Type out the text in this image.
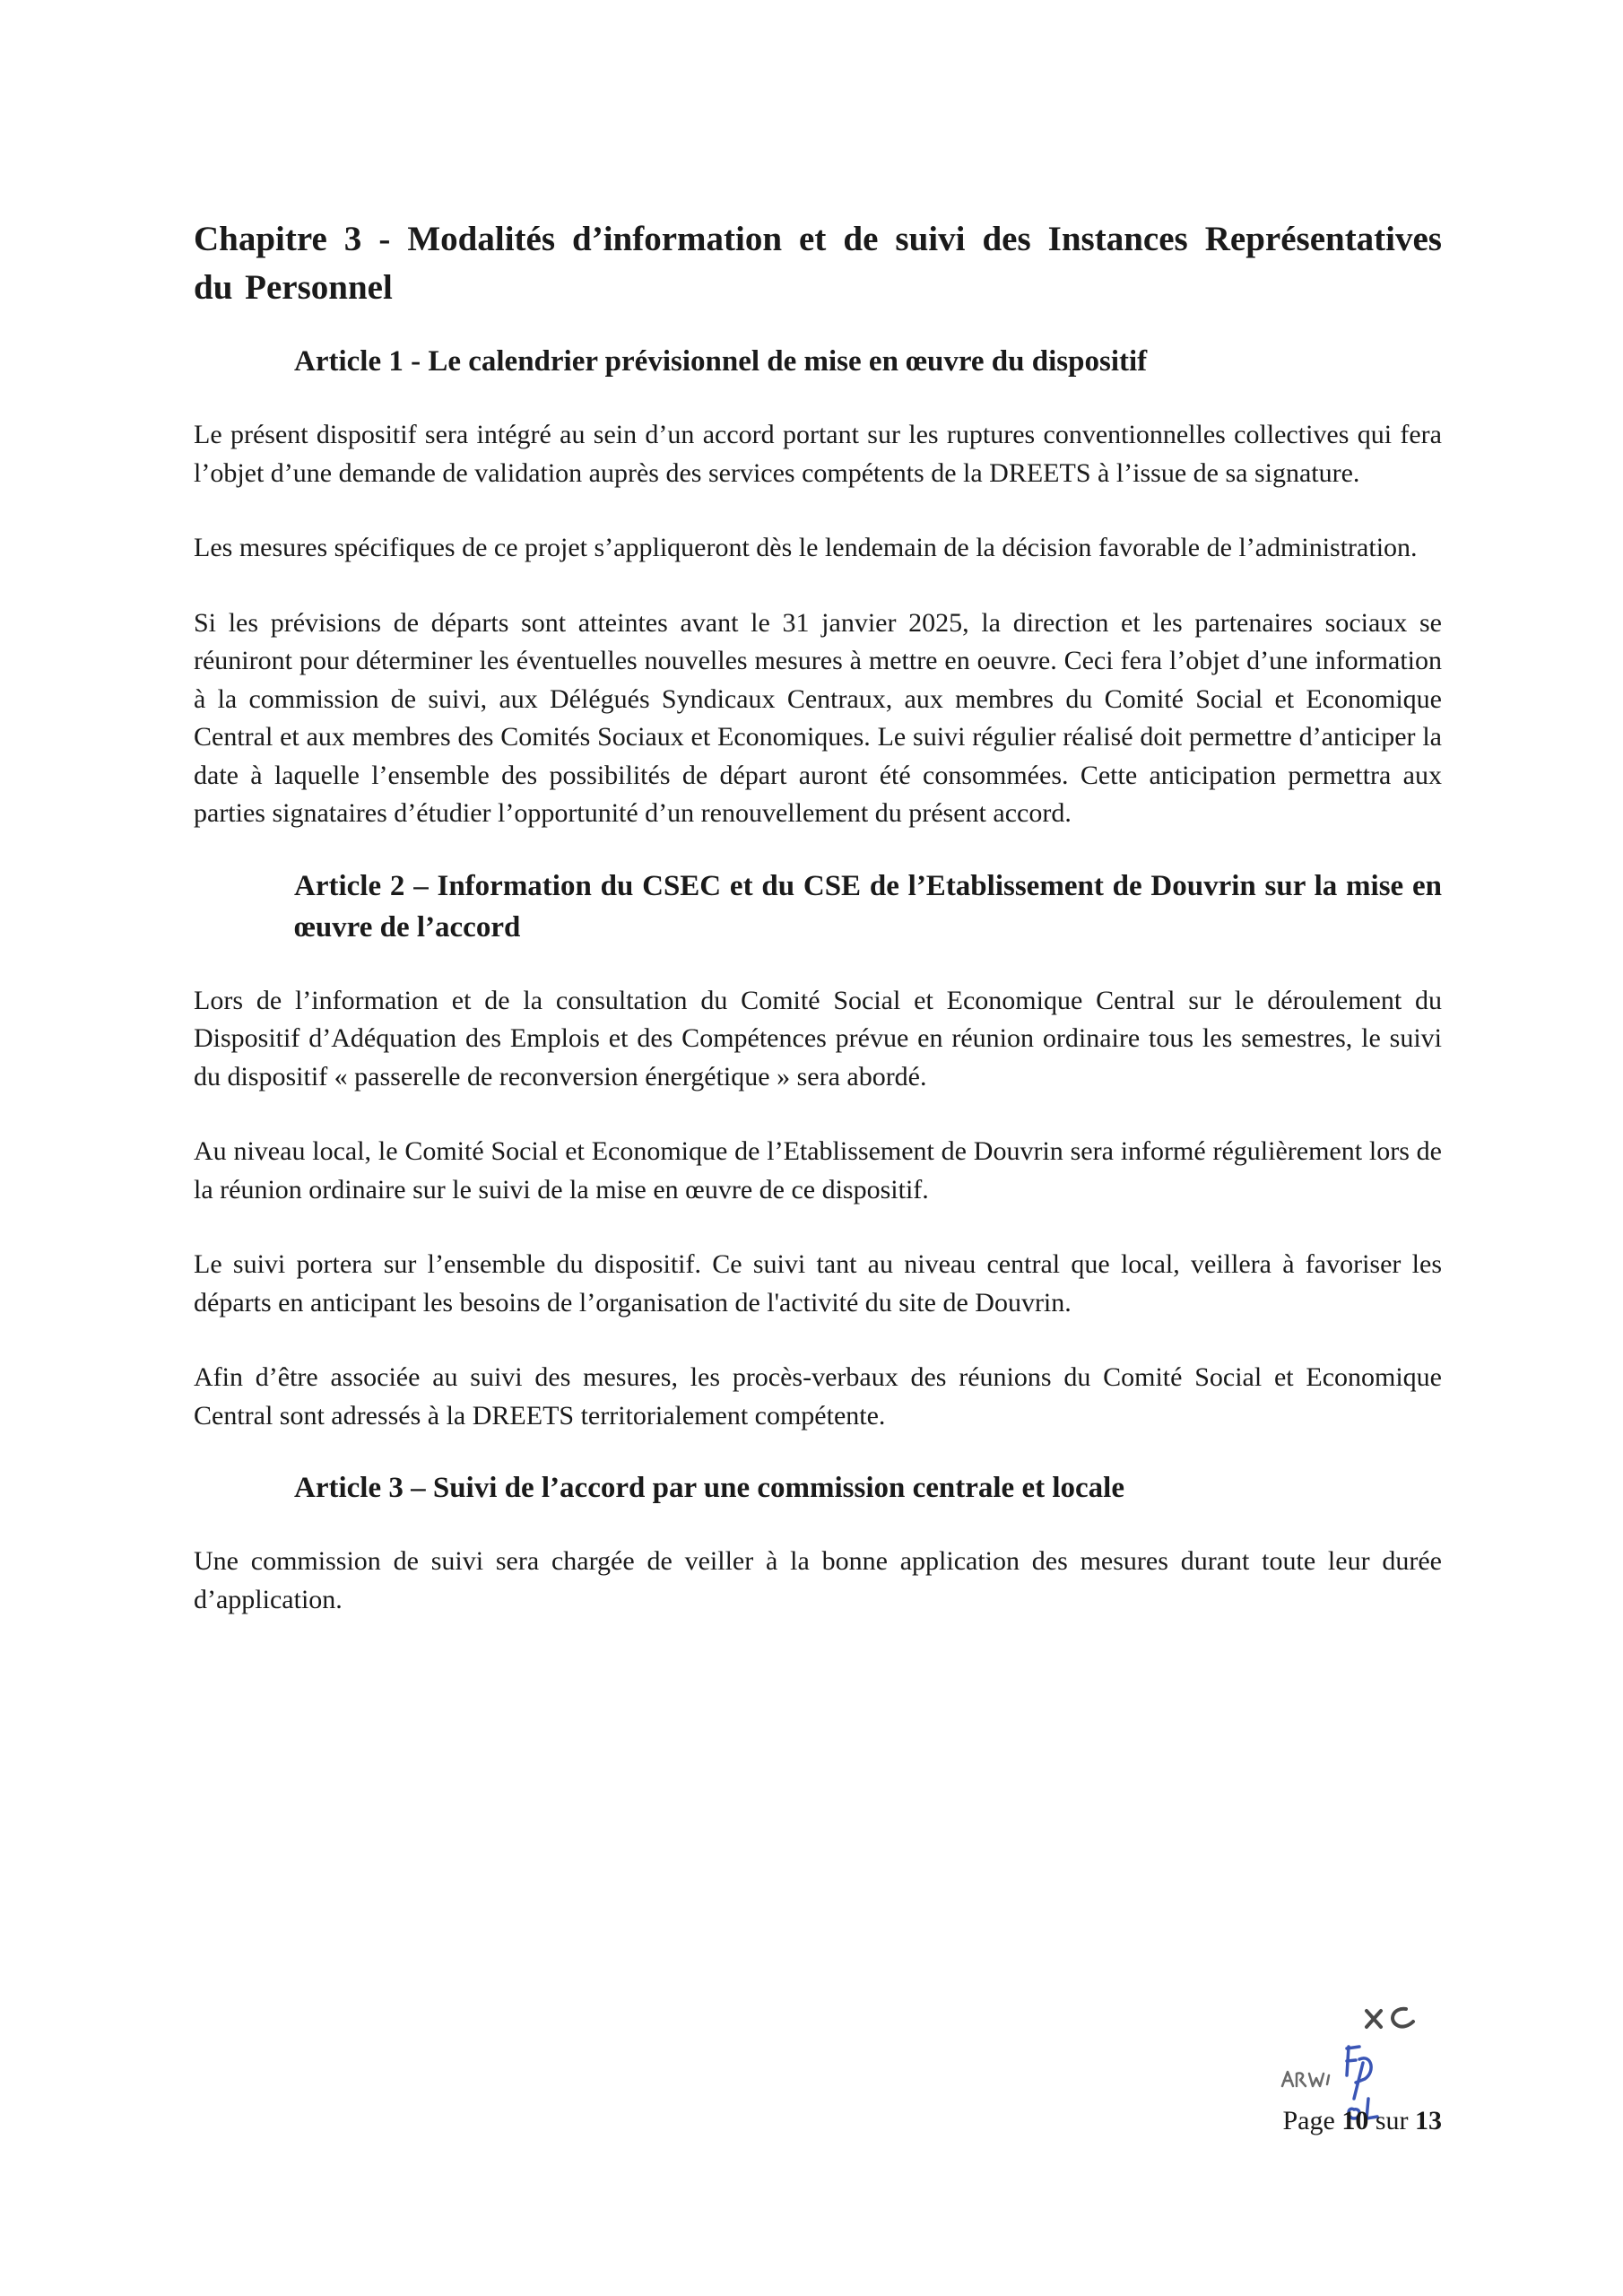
Chapitre 3 - Modalités d’information et de suivi des Instances Représentatives du Personnel
Article 1 - Le calendrier prévisionnel de mise en œuvre du dispositif

Le présent dispositif sera intégré au sein d’un accord portant sur les ruptures conventionnelles collectives qui fera l’objet d’une demande de validation auprès des services compétents de la DREETS à l’issue de sa signature.

Les mesures spécifiques de ce projet s’appliqueront dès le lendemain de la décision favorable de l’administration.

Si les prévisions de départs sont atteintes avant le 31 janvier 2025, la direction et les partenaires sociaux se réuniront pour déterminer les éventuelles nouvelles mesures à mettre en oeuvre. Ceci fera l’objet d’une information à la commission de suivi, aux Délégués Syndicaux Centraux, aux membres du Comité Social et Economique Central et aux membres des Comités Sociaux et Economiques. Le suivi régulier réalisé doit permettre d’anticiper la date à laquelle l’ensemble des possibilités de départ auront été consommées. Cette anticipation permettra aux parties signataires d’étudier l’opportunité d’un renouvellement du présent accord.

Article 2 – Information du CSEC et du CSE de l’Etablissement de Douvrin sur la mise en œuvre de l’accord

Lors de l’information et de la consultation du Comité Social et Economique Central sur le déroulement du Dispositif d’Adéquation des Emplois et des Compétences prévue en réunion ordinaire tous les semestres, le suivi du dispositif « passerelle de reconversion énergétique » sera abordé.

Au niveau local, le Comité Social et Economique de l’Etablissement de Douvrin sera informé régulièrement lors de la réunion ordinaire sur le suivi de la mise en œuvre de ce dispositif.

Le suivi portera sur l’ensemble du dispositif. Ce suivi tant au niveau central que local, veillera à favoriser les départs en anticipant les besoins de l’organisation de l'activité du site de Douvrin.

Afin d’être associée au suivi des mesures, les procès-verbaux des réunions du Comité Social et Economique Central sont adressés à la DREETS territorialement compétente.

Article 3 – Suivi de l’accord par une commission centrale et locale

Une commission de suivi sera chargée de veiller à la bonne application des mesures durant toute leur durée d’application.

Page 10 sur 13
